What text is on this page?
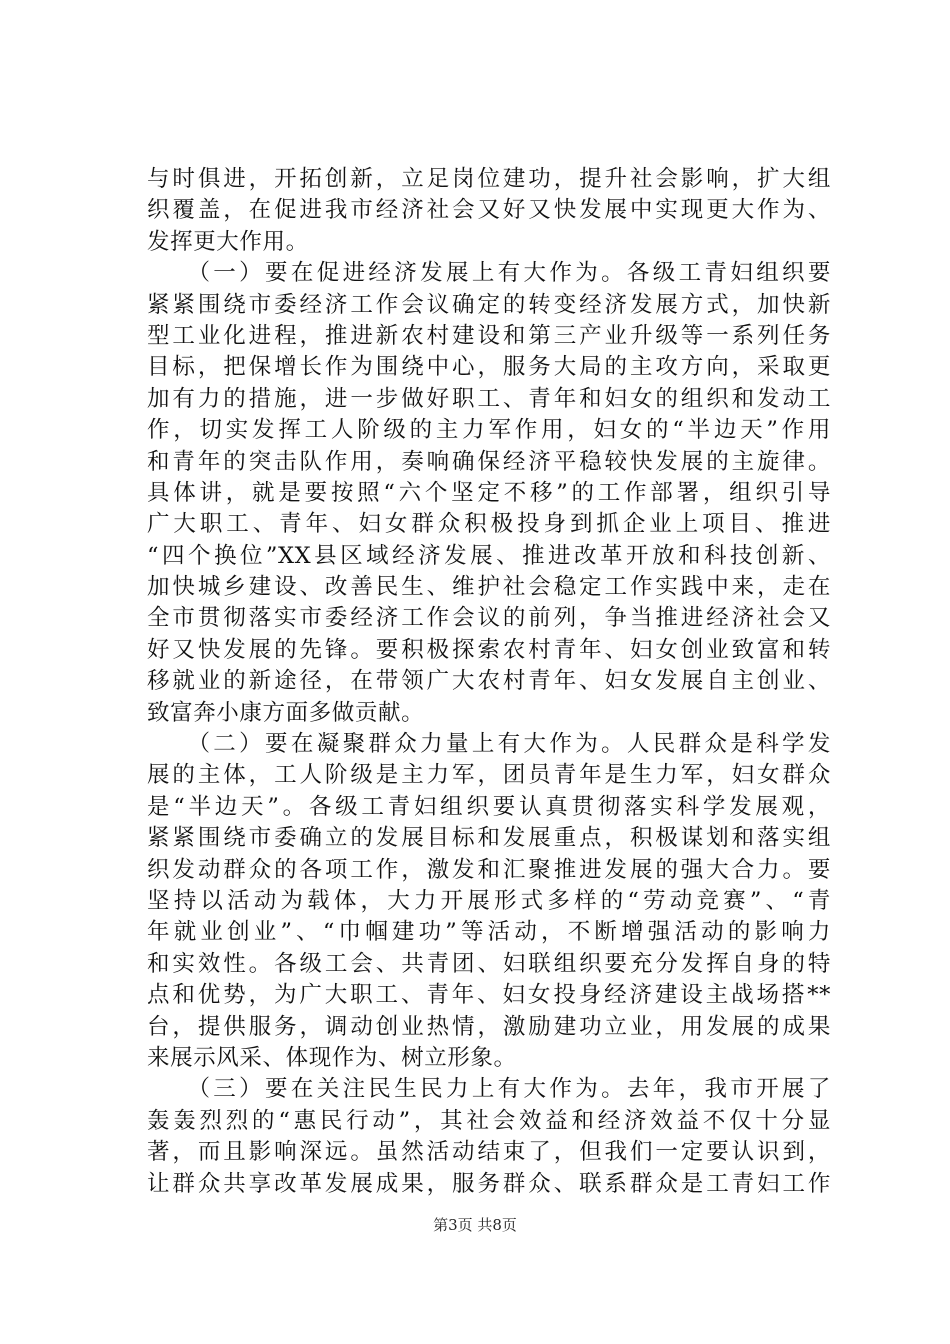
与时俱进，开拓创新，立足岗位建功，提升社会影响，扩大组
织覆盖，在促进我市经济社会又好又快发展中实现更大作为、
发挥更大作用。
　　（一）要在促进经济发展上有大作为。各级工青妇组织要
紧紧围绕市委经济工作会议确定的转变经济发展方式，加快新
型工业化进程，推进新农村建设和第三产业升级等一系列任务
目标，把保增长作为围绕中心，服务大局的主攻方向，采取更
加有力的措施，进一步做好职工、青年和妇女的组织和发动工
作，切实发挥工人阶级的主力军作用，妇女的“半边天”作用
和青年的突击队作用，奏响确保经济平稳较快发展的主旋律。
具体讲，就是要按照“六个坚定不移”的工作部署，组织引导
广大职工、青年、妇女群众积极投身到抓企业上项目、推进
“四个换位”XX县区域经济发展、推进改革开放和科技创新、
加快城乡建设、改善民生、维护社会稳定工作实践中来，走在
全市贯彻落实市委经济工作会议的前列，争当推进经济社会又
好又快发展的先锋。要积极探索农村青年、妇女创业致富和转
移就业的新途径，在带领广大农村青年、妇女发展自主创业、
致富奔小康方面多做贡献。
　　（二）要在凝聚群众力量上有大作为。人民群众是科学发
展的主体，工人阶级是主力军，团员青年是生力军，妇女群众
是“半边天”。各级工青妇组织要认真贯彻落实科学发展观，
紧紧围绕市委确立的发展目标和发展重点，积极谋划和落实组
织发动群众的各项工作，激发和汇聚推进发展的强大合力。要
坚持以活动为载体，大力开展形式多样的“劳动竞赛”、“青
年就业创业”、“巾帼建功”等活动，不断增强活动的影响力
和实效性。各级工会、共青团、妇联组织要充分发挥自身的特
点和优势，为广大职工、青年、妇女投身经济建设主战场搭**
台，提供服务，调动创业热情，激励建功立业，用发展的成果
来展示风采、体现作为、树立形象。
　　（三）要在关注民生民力上有大作为。去年，我市开展了
轰轰烈烈的“惠民行动”，其社会效益和经济效益不仅十分显
著，而且影响深远。虽然活动结束了，但我们一定要认识到，
让群众共享改革发展成果，服务群众、联系群众是工青妇工作
第3页 共8页
